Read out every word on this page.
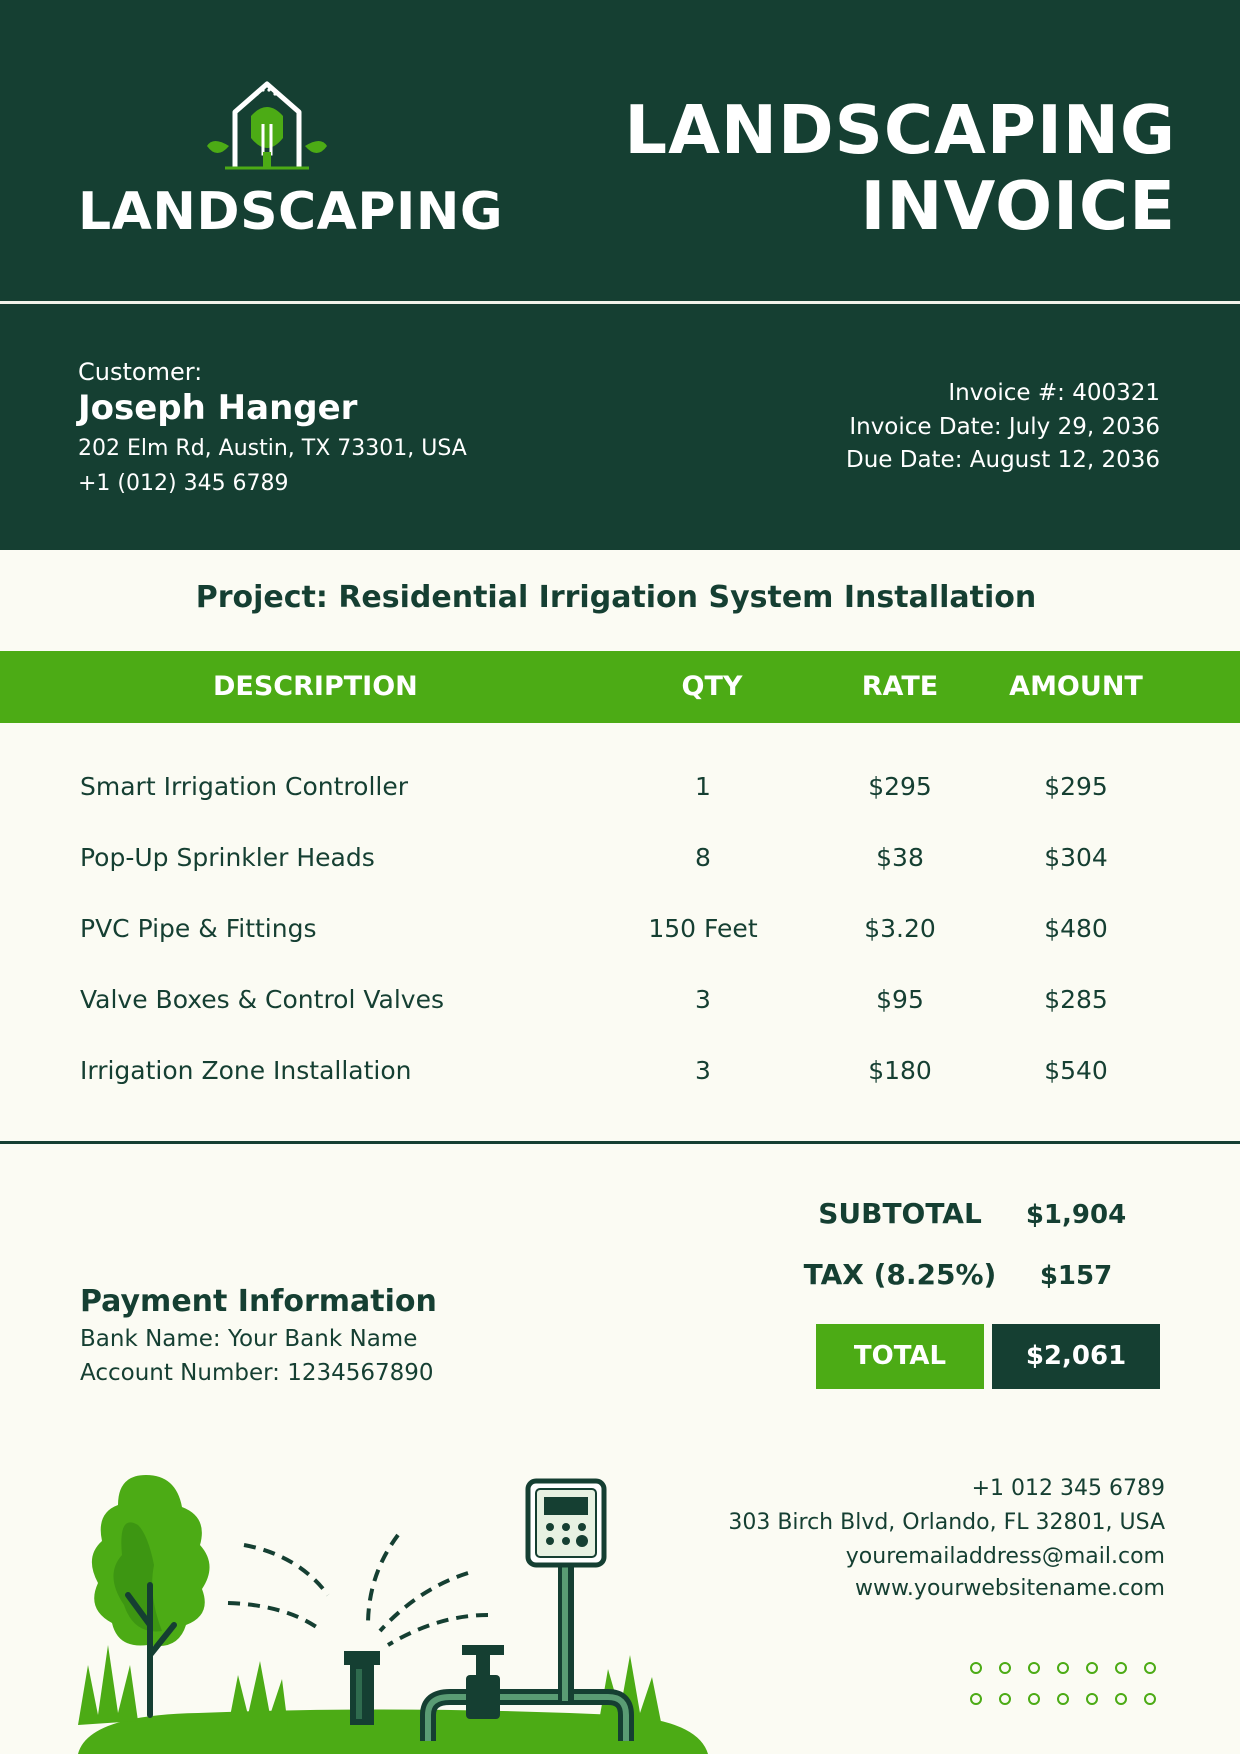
LANDSCAPING
LANDSCAPING
INVOICE
Customer:
Joseph Hanger
202 Elm Rd, Austin, TX 73301, USA
+1 (012) 345 6789
Invoice #: 400321
Invoice Date: July 29, 2036
Due Date: August 12, 2036
Project: Residential Irrigation System Installation
DESCRIPTION	QTY	RATE	AMOUNT
Smart Irrigation Controller	1	$295	$295
Pop-Up Sprinkler Heads	8	$38	$304
PVC Pipe & Fittings	150 Feet	$3.20	$480
Valve Boxes & Control Valves	3	$95	$285
Irrigation Zone Installation	3	$180	$540
SUBTOTAL	$1,904
TAX (8.25%)	$157
TOTAL	$2,061
Payment Information
Bank Name: Your Bank Name
Account Number: 1234567890
+1 012 345 6789
303 Birch Blvd, Orlando, FL 32801, USA
youremailaddress@mail.com
www.yourwebsitename.com
